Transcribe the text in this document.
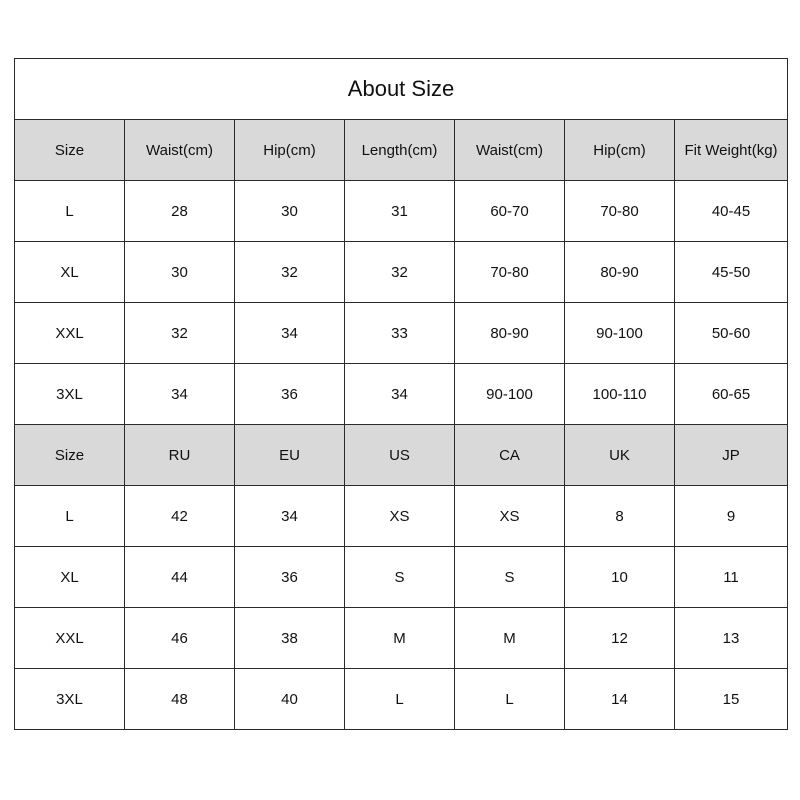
About Size						
Size	Waist(cm)	Hip(cm)	Length(cm)	Waist(cm)	Hip(cm)	Fit Weight(kg)
L	28	30	31	60-70	70-80	40-45
XL	30	32	32	70-80	80-90	45-50
XXL	32	34	33	80-90	90-100	50-60
3XL	34	36	34	90-100	100-110	60-65
Size	RU	EU	US	CA	UK	JP
L	42	34	XS	XS	8	9
XL	44	36	S	S	10	11
XXL	46	38	M	M	12	13
3XL	48	40	L	L	14	15
